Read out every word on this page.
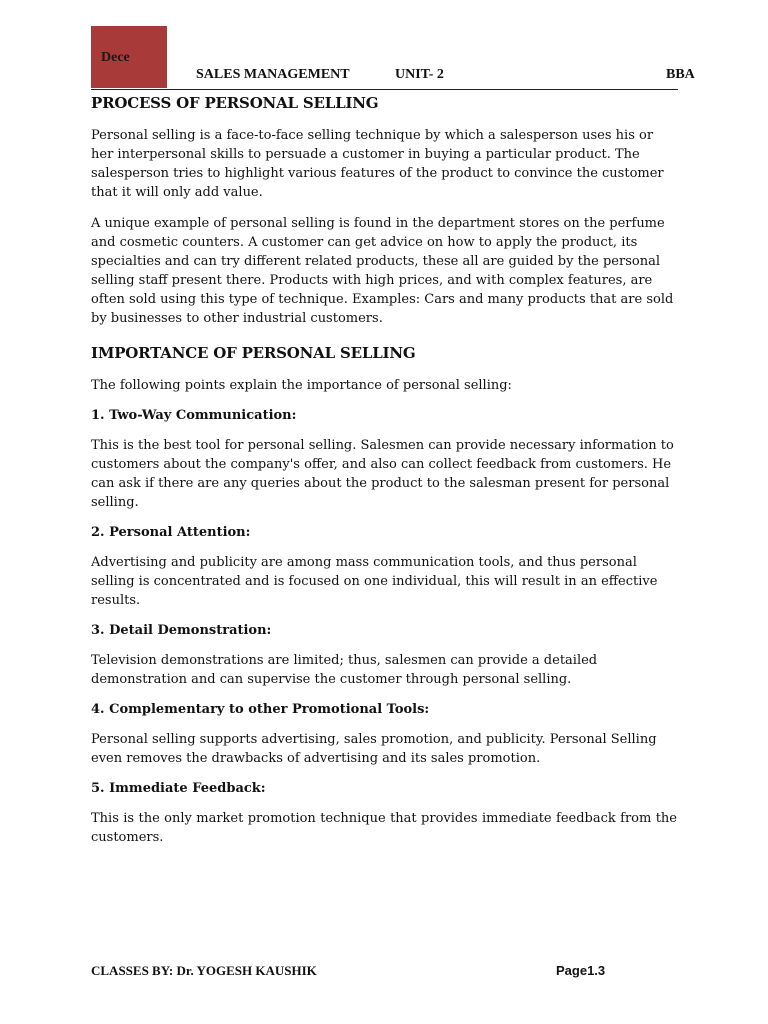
Dece
SALES MANAGEMENT	UNIT- 2	BBA
PROCESS OF PERSONAL SELLING

Personal selling is a face-to-face selling technique by which a salesperson uses his or her interpersonal skills to persuade a customer in buying a particular product. The salesperson tries to highlight various features of the product to convince the customer that it will only add value.

A unique example of personal selling is found in the department stores on the perfume and cosmetic counters. A customer can get advice on how to apply the product, its specialties and can try different related products, these all are guided by the personal selling staff present there. Products with high prices, and with complex features, are often sold using this type of technique. Examples: Cars and many products that are sold by businesses to other industrial customers.

IMPORTANCE OF PERSONAL SELLING

The following points explain the importance of personal selling:

1. Two-Way Communication:

This is the best tool for personal selling. Salesmen can provide necessary information to customers about the company's offer, and also can collect feedback from customers. He can ask if there are any queries about the product to the salesman present for personal selling.

2. Personal Attention:

Advertising and publicity are among mass communication tools, and thus personal selling is concentrated and is focused on one individual, this will result in an effective results.

3. Detail Demonstration:

Television demonstrations are limited; thus, salesmen can provide a detailed demonstration and can supervise the customer through personal selling.

4. Complementary to other Promotional Tools:

Personal selling supports advertising, sales promotion, and publicity. Personal Selling even removes the drawbacks of advertising and its sales promotion.

5. Immediate Feedback:

This is the only market promotion technique that provides immediate feedback from the customers.

CLASSES BY: Dr. YOGESH KAUSHIK	Page1.3
